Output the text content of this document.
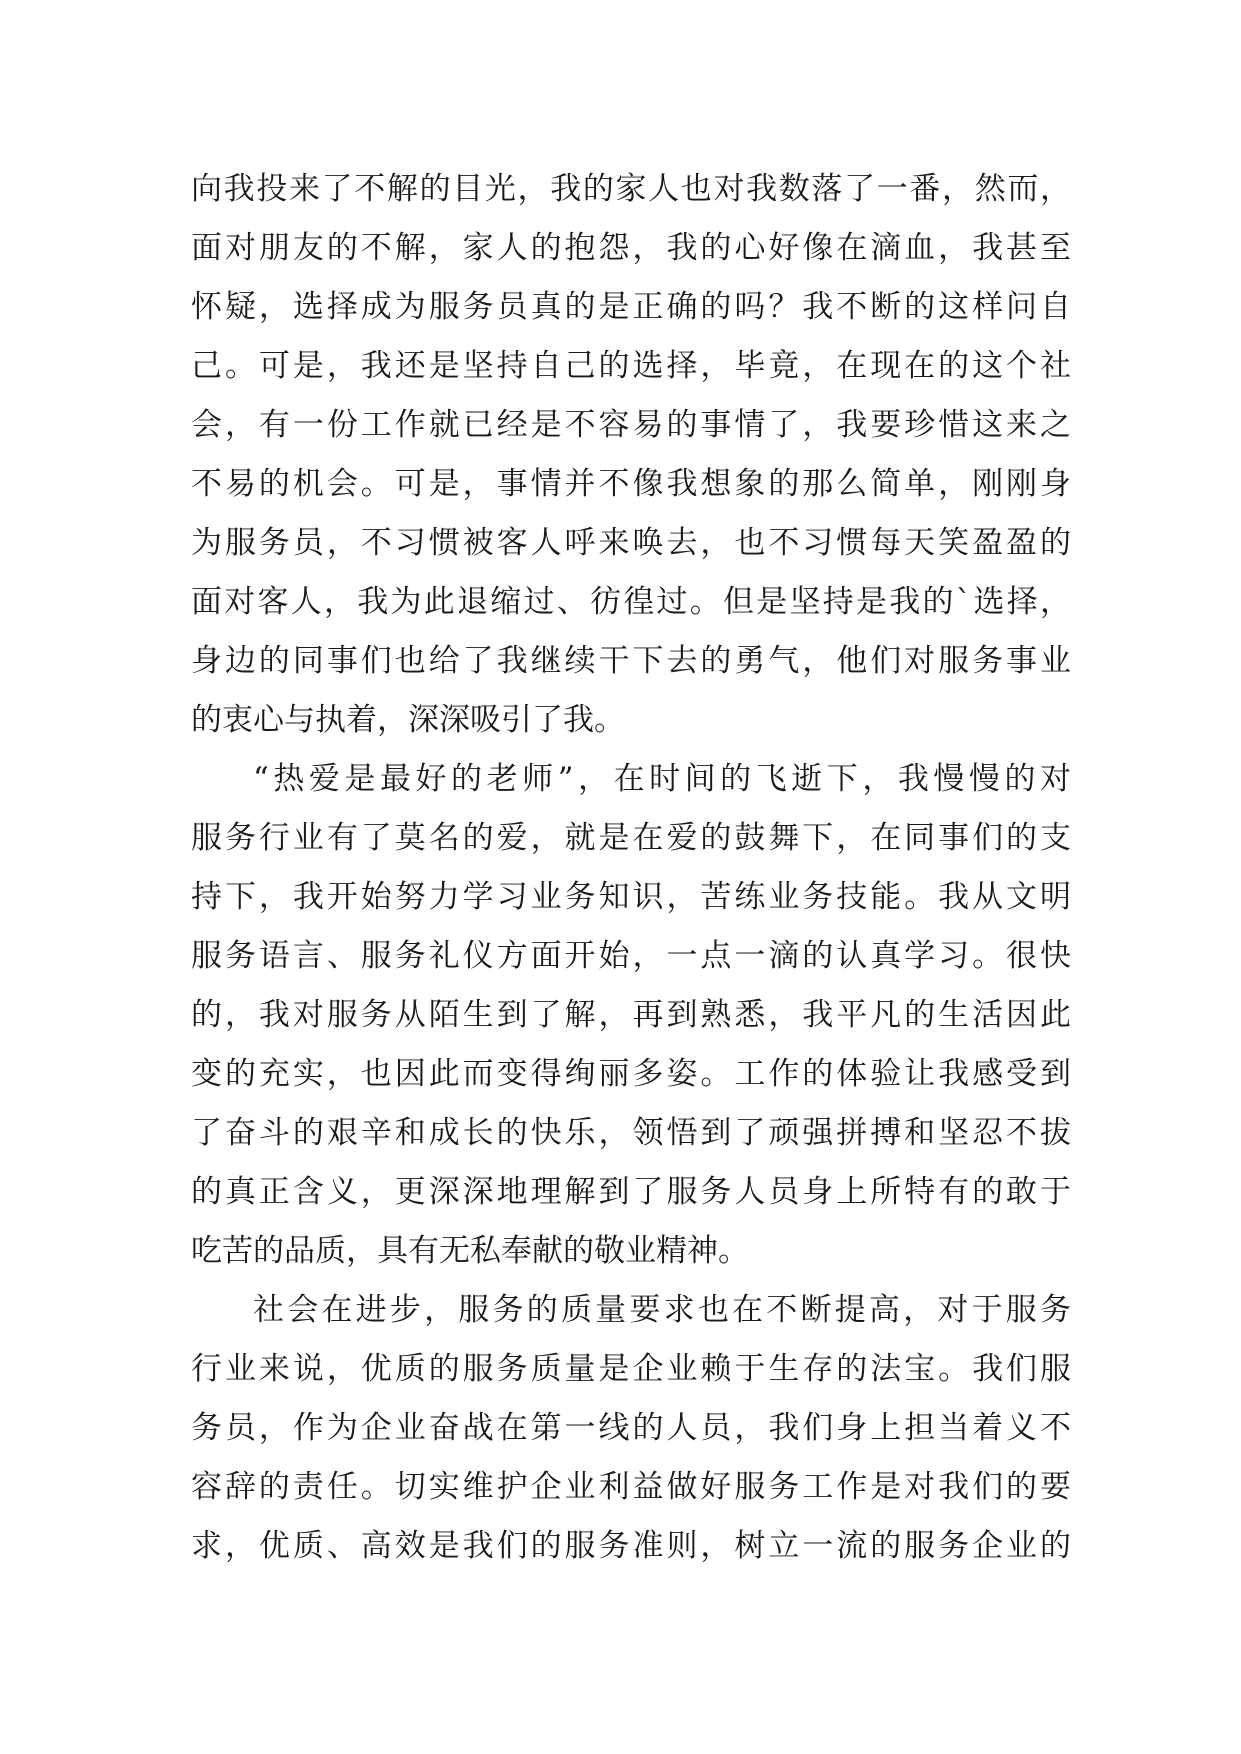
向我投来了不解的目光，我的家人也对我数落了一番，然而，
面对朋友的不解，家人的抱怨，我的心好像在滴血，我甚至
怀疑，选择成为服务员真的是正确的吗？我不断的这样问自
己。可是，我还是坚持自己的选择，毕竟，在现在的这个社
会，有一份工作就已经是不容易的事情了，我要珍惜这来之
不易的机会。可是，事情并不像我想象的那么简单，刚刚身
为服务员，不习惯被客人呼来唤去，也不习惯每天笑盈盈的
面对客人，我为此退缩过、彷徨过。但是坚持是我的`选择，
身边的同事们也给了我继续干下去的勇气，他们对服务事业
的衷心与执着，深深吸引了我。
“热爱是最好的老师”，在时间的飞逝下，我慢慢的对
服务行业有了莫名的爱，就是在爱的鼓舞下，在同事们的支
持下，我开始努力学习业务知识，苦练业务技能。我从文明
服务语言、服务礼仪方面开始，一点一滴的认真学习。很快
的，我对服务从陌生到了解，再到熟悉，我平凡的生活因此
变的充实，也因此而变得绚丽多姿。工作的体验让我感受到
了奋斗的艰辛和成长的快乐，领悟到了顽强拼搏和坚忍不拔
的真正含义，更深深地理解到了服务人员身上所特有的敢于
吃苦的品质，具有无私奉献的敬业精神。
社会在进步，服务的质量要求也在不断提高，对于服务
行业来说，优质的服务质量是企业赖于生存的法宝。我们服
务员，作为企业奋战在第一线的人员，我们身上担当着义不
容辞的责任。切实维护企业利益做好服务工作是对我们的要
求，优质、高效是我们的服务准则，树立一流的服务企业的
